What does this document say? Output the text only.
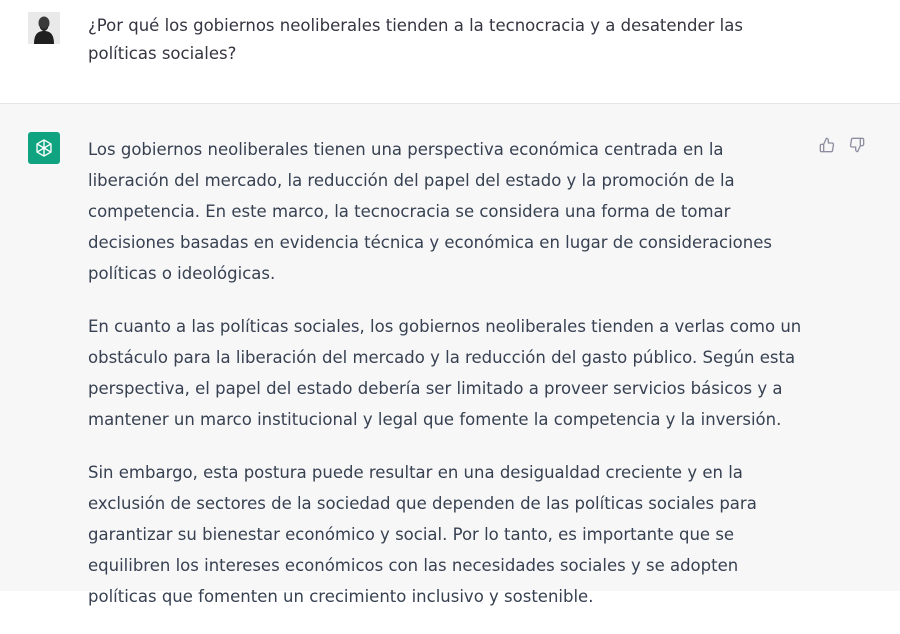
¿Por qué los gobiernos neoliberales tienden a la tecnocracia y a desatender las políticas sociales?

Los gobiernos neoliberales tienen una perspectiva económica centrada en la liberación del mercado, la reducción del papel del estado y la promoción de la competencia. En este marco, la tecnocracia se considera una forma de tomar decisiones basadas en evidencia técnica y económica en lugar de consideraciones políticas o ideológicas.

En cuanto a las políticas sociales, los gobiernos neoliberales tienden a verlas como un obstáculo para la liberación del mercado y la reducción del gasto público. Según esta perspectiva, el papel del estado debería ser limitado a proveer servicios básicos y a mantener un marco institucional y legal que fomente la competencia y la inversión.

Sin embargo, esta postura puede resultar en una desigualdad creciente y en la exclusión de sectores de la sociedad que dependen de las políticas sociales para garantizar su bienestar económico y social. Por lo tanto, es importante que se equilibren los intereses económicos con las necesidades sociales y se adopten políticas que fomenten un crecimiento inclusivo y sostenible.
